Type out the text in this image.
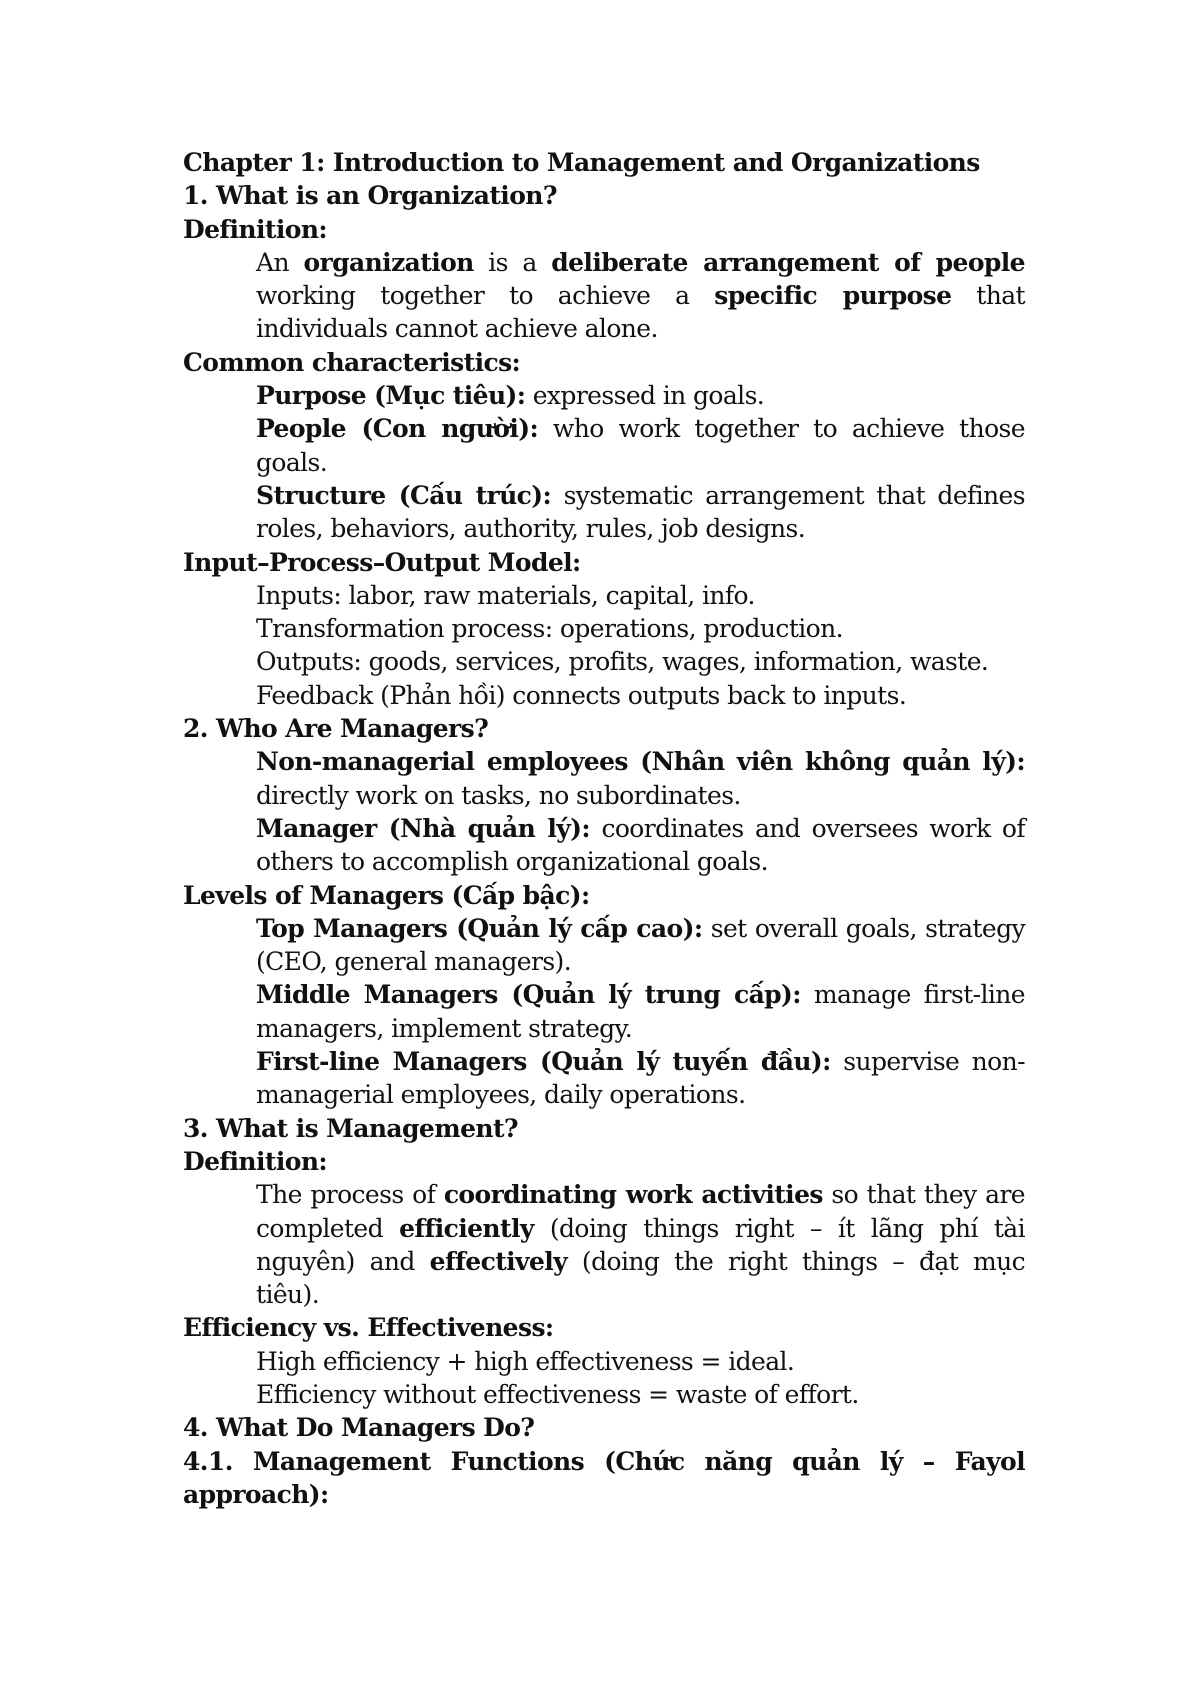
Chapter 1: Introduction to Management and Organizations
1. What is an Organization?
Definition:

An organization is a deliberate arrangement of people working together to achieve a specific purpose that individuals cannot achieve alone.

Common characteristics:

Purpose (Mục tiêu): expressed in goals.

People (Con người): who work together to achieve those goals.

Structure (Cấu trúc): systematic arrangement that defines roles, behaviors, authority, rules, job designs.

Input–Process–Output Model:

Inputs: labor, raw materials, capital, info.

Transformation process: operations, production.

Outputs: goods, services, profits, wages, information, waste.

Feedback (Phản hồi) connects outputs back to inputs.

2. Who Are Managers?

Non-managerial employees (Nhân viên không quản lý): directly work on tasks, no subordinates.

Manager (Nhà quản lý): coordinates and oversees work of others to accomplish organizational goals.

Levels of Managers (Cấp bậc):

Top Managers (Quản lý cấp cao): set overall goals, strategy (CEO, general managers).

Middle Managers (Quản lý trung cấp): manage first-line managers, implement strategy.

First-line Managers (Quản lý tuyến đầu): supervise non-managerial employees, daily operations.

3. What is Management?
Definition:

The process of coordinating work activities so that they are completed efficiently (doing things right – ít lãng phí tài nguyên) and effectively (doing the right things – đạt mục tiêu).

Efficiency vs. Effectiveness:

High efficiency + high effectiveness = ideal.

Efficiency without effectiveness = waste of effort.

4. What Do Managers Do?

4.1. Management Functions (Chức năng quản lý – Fayol approach):
